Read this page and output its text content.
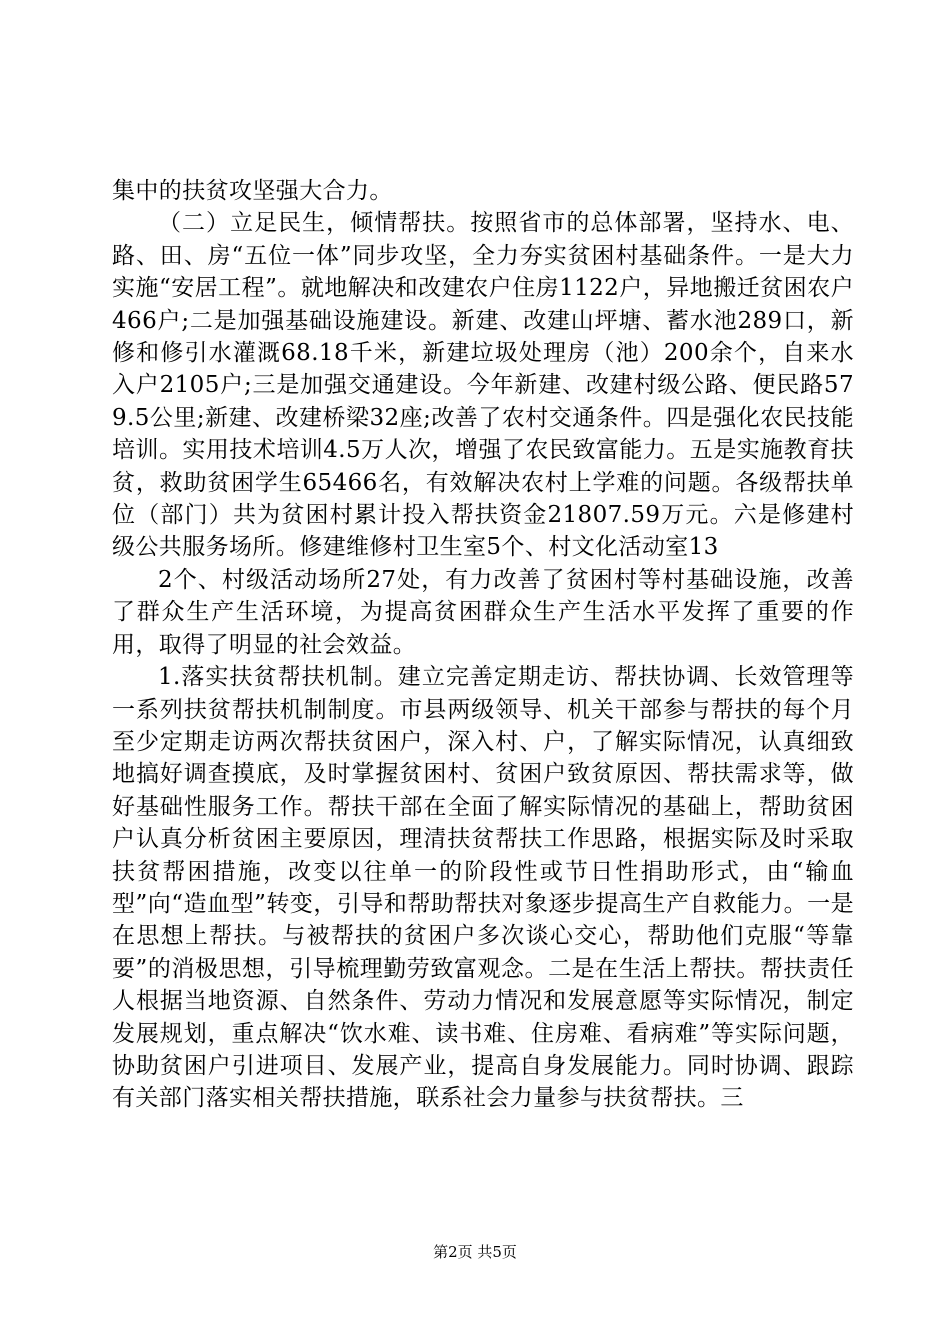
集中的扶贫攻坚强大合力。

（二）立足民生，倾情帮扶。按照省市的总体部署，坚持水、电、路、田、房“五位一体”同步攻坚，全力夯实贫困村基础条件。一是大力实施“安居工程”。就地解决和改建农户住房1122户，异地搬迁贫困农户466户;二是加强基础设施建设。新建、改建山坪塘、蓄水池289口，新修和修引水灌溉68.18千米，新建垃圾处理房（池）200余个，自来水入户2105户;三是加强交通建设。今年新建、改建村级公路、便民路579.5公里;新建、改建桥梁32座;改善了农村交通条件。四是强化农民技能培训。实用技术培训4.5万人次，增强了农民致富能力。五是实施教育扶贫，救助贫困学生65466名，有效解决农村上学难的问题。各级帮扶单位（部门）共为贫困村累计投入帮扶资金21807.59万元。六是修建村级公共服务场所。修建维修村卫生室5个、村文化活动室13

2个、村级活动场所27处，有力改善了贫困村等村基础设施，改善了群众生产生活环境，为提高贫困群众生产生活水平发挥了重要的作用，取得了明显的社会效益。

1.落实扶贫帮扶机制。建立完善定期走访、帮扶协调、长效管理等一系列扶贫帮扶机制制度。市县两级领导、机关干部参与帮扶的每个月至少定期走访两次帮扶贫困户，深入村、户，了解实际情况，认真细致地搞好调查摸底，及时掌握贫困村、贫困户致贫原因、帮扶需求等，做好基础性服务工作。帮扶干部在全面了解实际情况的基础上，帮助贫困户认真分析贫困主要原因，理清扶贫帮扶工作思路，根据实际及时采取扶贫帮困措施，改变以往单一的阶段性或节日性捐助形式，由“输血型”向“造血型”转变，引导和帮助帮扶对象逐步提高生产自救能力。一是在思想上帮扶。与被帮扶的贫困户多次谈心交心，帮助他们克服“等靠要”的消极思想，引导梳理勤劳致富观念。二是在生活上帮扶。帮扶责任人根据当地资源、自然条件、劳动力情况和发展意愿等实际情况，制定发展规划，重点解决“饮水难、读书难、住房难、看病难”等实际问题，协助贫困户引进项目、发展产业，提高自身发展能力。同时协调、跟踪有关部门落实相关帮扶措施，联系社会力量参与扶贫帮扶。三

第2页 共5页
